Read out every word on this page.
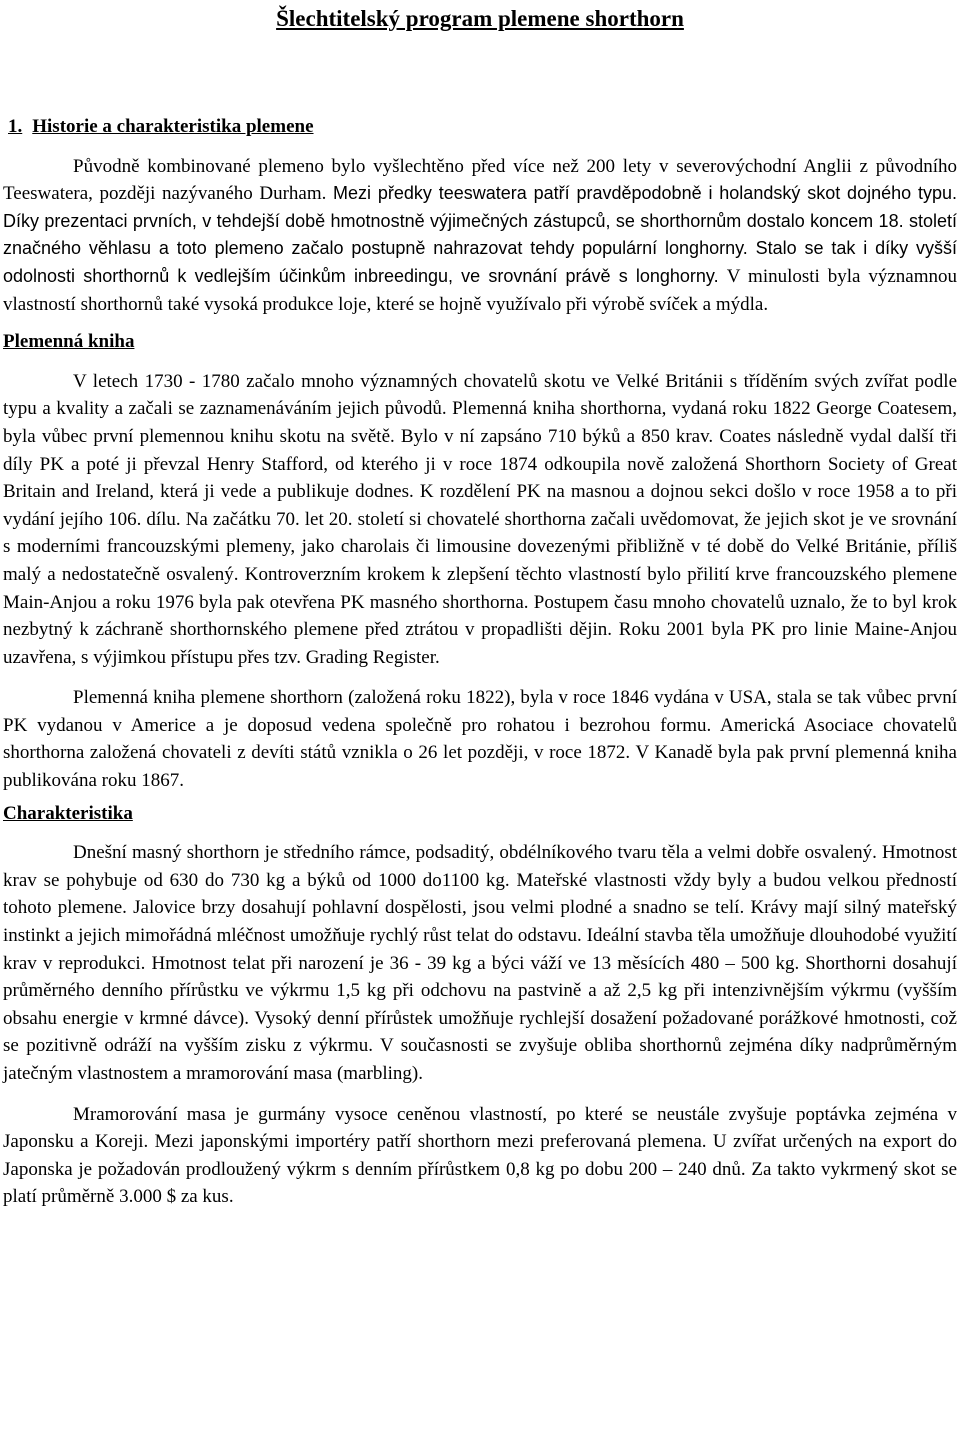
Šlechtitelský program plemene shorthorn
1. Historie a charakteristika plemene

Původně kombinované plemeno bylo vyšlechtěno před více než 200 lety v severovýchodní Anglii z původního Teeswatera, později nazývaného Durham. Mezi předky teeswatera patří pravděpodobně i holandský skot dojného typu. Díky prezentaci prvních, v tehdejší době hmotnostně výjimečných zástupců, se shorthornům dostalo koncem 18. století značného věhlasu a toto plemeno začalo postupně nahrazovat tehdy populární longhorny. Stalo se tak i díky vyšší odolnosti shorthornů k vedlejším účinkům inbreedingu, ve srovnání právě s longhorny. V minulosti byla významnou vlastností shorthornů také vysoká produkce loje, které se hojně využívalo při výrobě svíček a mýdla.

Plemenná kniha

V letech 1730 - 1780 začalo mnoho významných chovatelů skotu ve Velké Británii s tříděním svých zvířat podle typu a kvality a začali se zaznamenáváním jejich původů. Plemenná kniha shorthorna, vydaná roku 1822 George Coatesem, byla vůbec první plemennou knihu skotu na světě. Bylo v ní zapsáno 710 býků a 850 krav. Coates následně vydal další tři díly PK a poté ji převzal Henry Stafford, od kterého ji v roce 1874 odkoupila nově založená Shorthorn Society of Great Britain and Ireland, která ji vede a publikuje dodnes. K rozdělení PK na masnou a dojnou sekci došlo v roce 1958 a to při vydání jejího 106. dílu. Na začátku 70. let 20. století si chovatelé shorthorna začali uvědomovat, že jejich skot je ve srovnání s moderními francouzskými plemeny, jako charolais či limousine dovezenými přibližně v té době do Velké Británie, příliš malý a nedostatečně osvalený. Kontroverzním krokem k zlepšení těchto vlastností bylo přilití krve francouzského plemene Main-Anjou a roku 1976 byla pak otevřena PK masného shorthorna. Postupem času mnoho chovatelů uznalo, že to byl krok nezbytný k záchraně shorthornského plemene před ztrátou v propadlišti dějin. Roku 2001 byla PK pro linie Maine-Anjou uzavřena, s výjimkou přístupu přes tzv. Grading Register.

Plemenná kniha plemene shorthorn (založená roku 1822), byla v roce 1846 vydána v USA, stala se tak vůbec první PK vydanou v Americe a je doposud vedena společně pro rohatou i bezrohou formu. Americká Asociace chovatelů shorthorna založená chovateli z devíti států vznikla o 26 let později, v roce 1872. V Kanadě byla pak první plemenná kniha publikována roku 1867.

Charakteristika

Dnešní masný shorthorn je středního rámce, podsaditý, obdélníkového tvaru těla a velmi dobře osvalený. Hmotnost krav se pohybuje od 630 do 730 kg a býků od 1000 do1100 kg. Mateřské vlastnosti vždy byly a budou velkou předností tohoto plemene. Jalovice brzy dosahují pohlavní dospělosti, jsou velmi plodné a snadno se telí. Krávy mají silný mateřský instinkt a jejich mimořádná mléčnost umožňuje rychlý růst telat do odstavu. Ideální stavba těla umožňuje dlouhodobé využití krav v reprodukci. Hmotnost telat při narození je 36 - 39 kg a býci váží ve 13 měsících 480 – 500 kg. Shorthorni dosahují průměrného denního přírůstku ve výkrmu 1,5 kg při odchovu na pastvině a až 2,5 kg při intenzivnějším výkrmu (vyšším obsahu energie v krmné dávce). Vysoký denní přírůstek umožňuje rychlejší dosažení požadované porážkové hmotnosti, což se pozitivně odráží na vyšším zisku z výkrmu. V současnosti se zvyšuje obliba shorthornů zejména díky nadprůměrným jatečným vlastnostem a mramorování masa (marbling).

Mramorování masa je gurmány vysoce ceněnou vlastností, po které se neustále zvyšuje poptávka zejména v Japonsku a Koreji. Mezi japonskými importéry patří shorthorn mezi preferovaná plemena. U zvířat určených na export do Japonska je požadován prodloužený výkrm s denním přírůstkem 0,8 kg po dobu 200 – 240 dnů. Za takto vykrmený skot se platí průměrně 3.000 $ za kus.
